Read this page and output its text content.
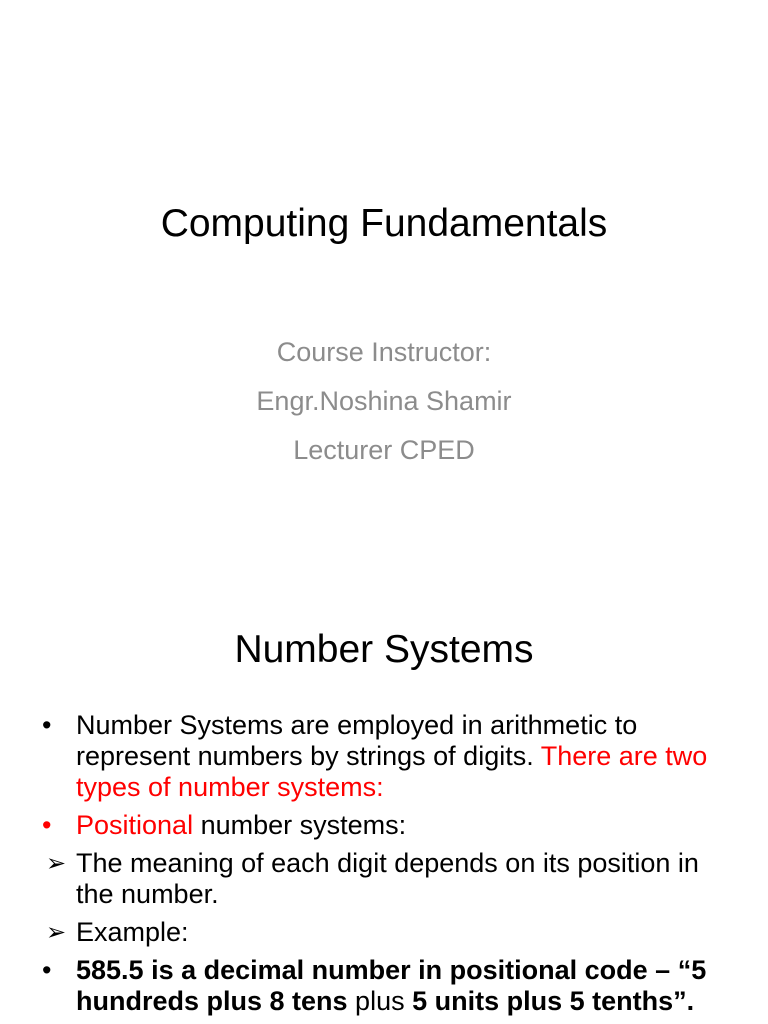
Computing Fundamentals
Course Instructor:
Engr.Noshina Shamir
Lecturer CPED
Number Systems
• Number Systems are employed in arithmetic to represent numbers by strings of digits. There are two types of number systems:
• Positional number systems:
➢ The meaning of each digit depends on its position in the number.
➢ Example:
• 585.5 is a decimal number in positional code – “5 hundreds plus 8 tens plus 5 units plus 5 tenths”.
